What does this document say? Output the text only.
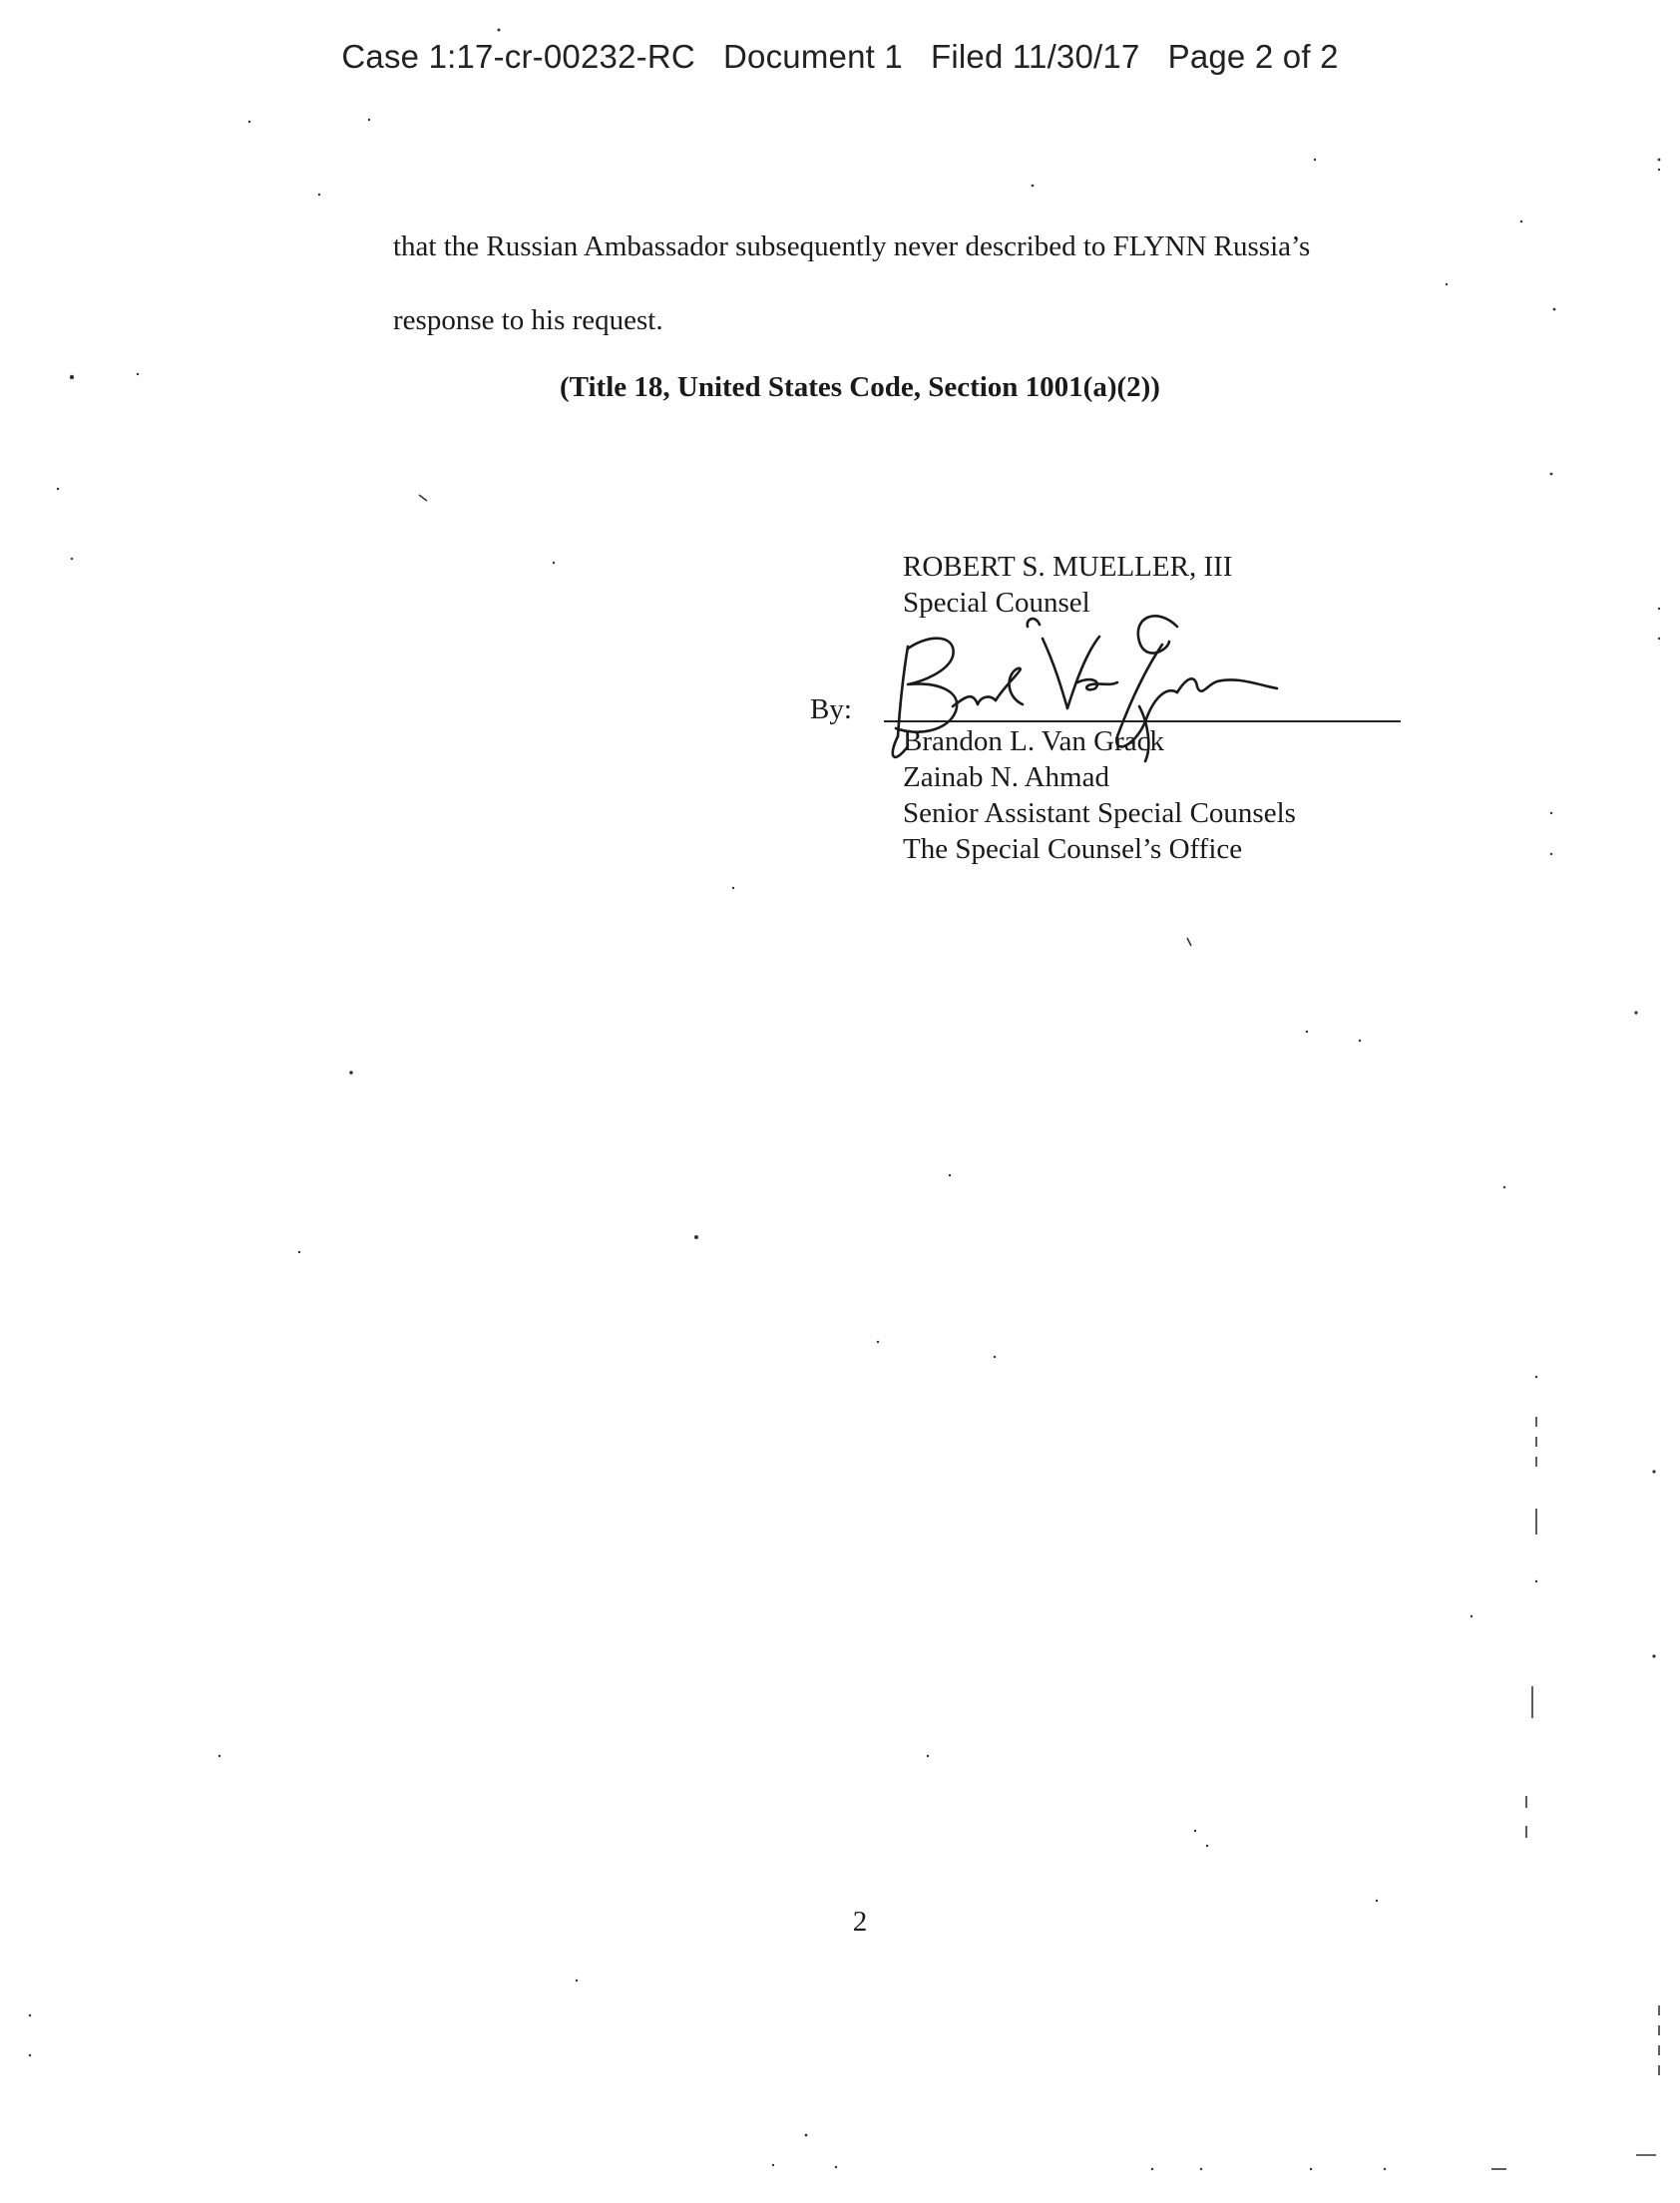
Case 1:17-cr-00232-RC   Document 1   Filed 11/30/17   Page 2 of 2
that the Russian Ambassador subsequently never described to FLYNN Russia’s
response to his request.
(Title 18, United States Code, Section 1001(a)(2))
ROBERT S. MUELLER, III
Special Counsel
By:
Brandon L. Van Grack
Zainab N. Ahmad
Senior Assistant Special Counsels
The Special Counsel’s Office
2
